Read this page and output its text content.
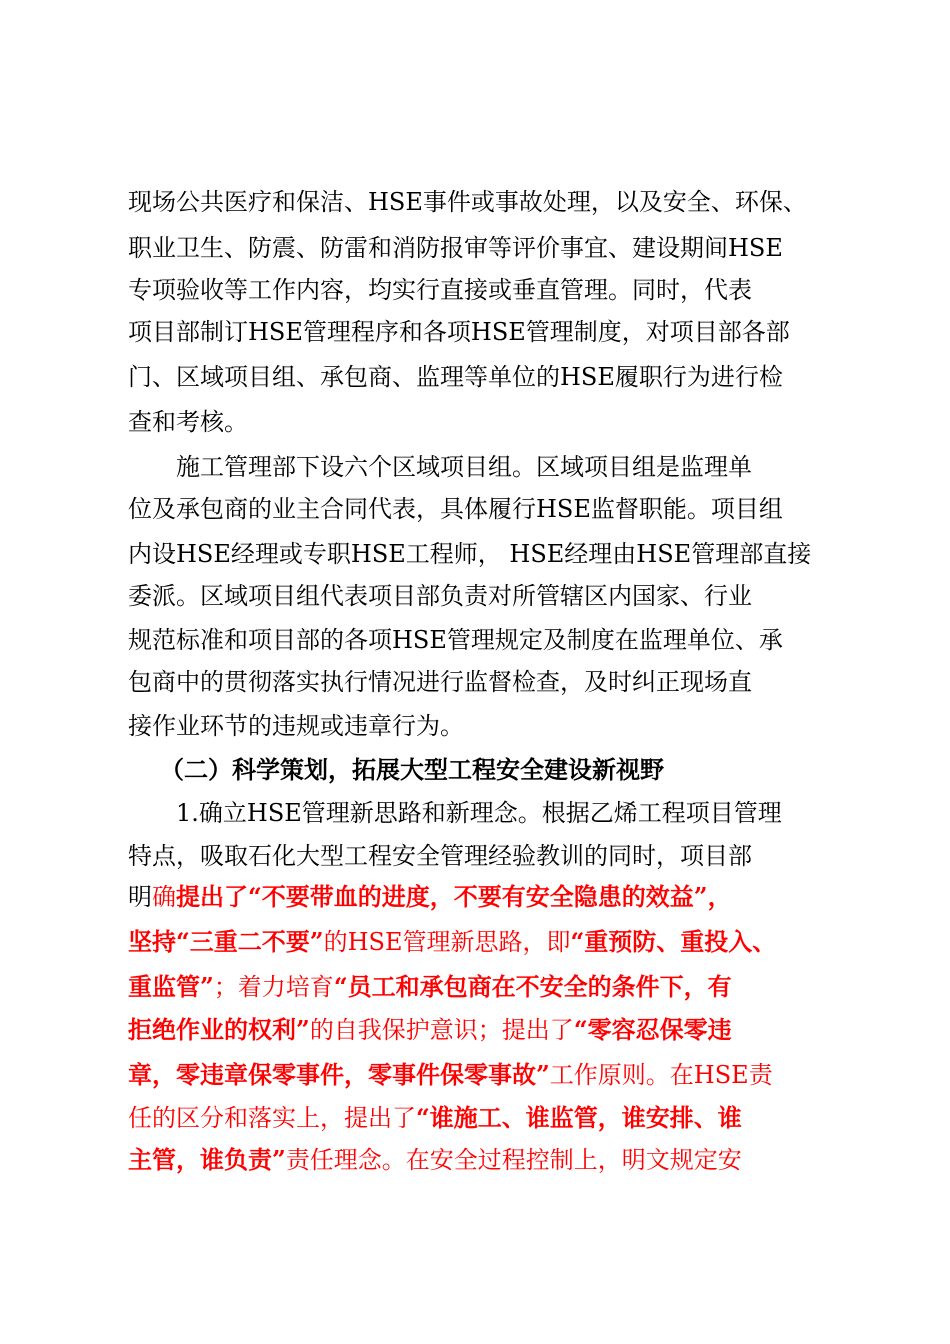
现场公共医疗和保洁、HSE事件或事故处理，以及安全、环保、
职业卫生、防震、防雷和消防报审等评价事宜、建设期间HSE
专项验收等工作内容，均实行直接或垂直管理。同时，代表
项目部制订HSE管理程序和各项HSE管理制度，对项目部各部
门、区域项目组、承包商、监理等单位的HSE履职行为进行检
查和考核。
施工管理部下设六个区域项目组。区域项目组是监理单
位及承包商的业主合同代表，具体履行HSE监督职能。项目组
内设HSE经理或专职HSE工程师， HSE经理由HSE管理部直接
委派。区域项目组代表项目部负责对所管辖区内国家、行业
规范标准和项目部的各项HSE管理规定及制度在监理单位、承
包商中的贯彻落实执行情况进行监督检查，及时纠正现场直
接作业环节的违规或违章行为。
（二）科学策划，拓展大型工程安全建设新视野
1.确立HSE管理新思路和新理念。根据乙烯工程项目管理
特点，吸取石化大型工程安全管理经验教训的同时，项目部
明确提出了“不要带血的进度，不要有安全隐患的效益”，
坚持“三重二不要”的HSE管理新思路，即“重预防、重投入、
重监管”；着力培育“员工和承包商在不安全的条件下，有
拒绝作业的权利”的自我保护意识；提出了“零容忍保零违
章，零违章保零事件，零事件保零事故”工作原则。在HSE责
任的区分和落实上，提出了“谁施工、谁监管，谁安排、谁
主管，谁负责”责任理念。在安全过程控制上，明文规定安
